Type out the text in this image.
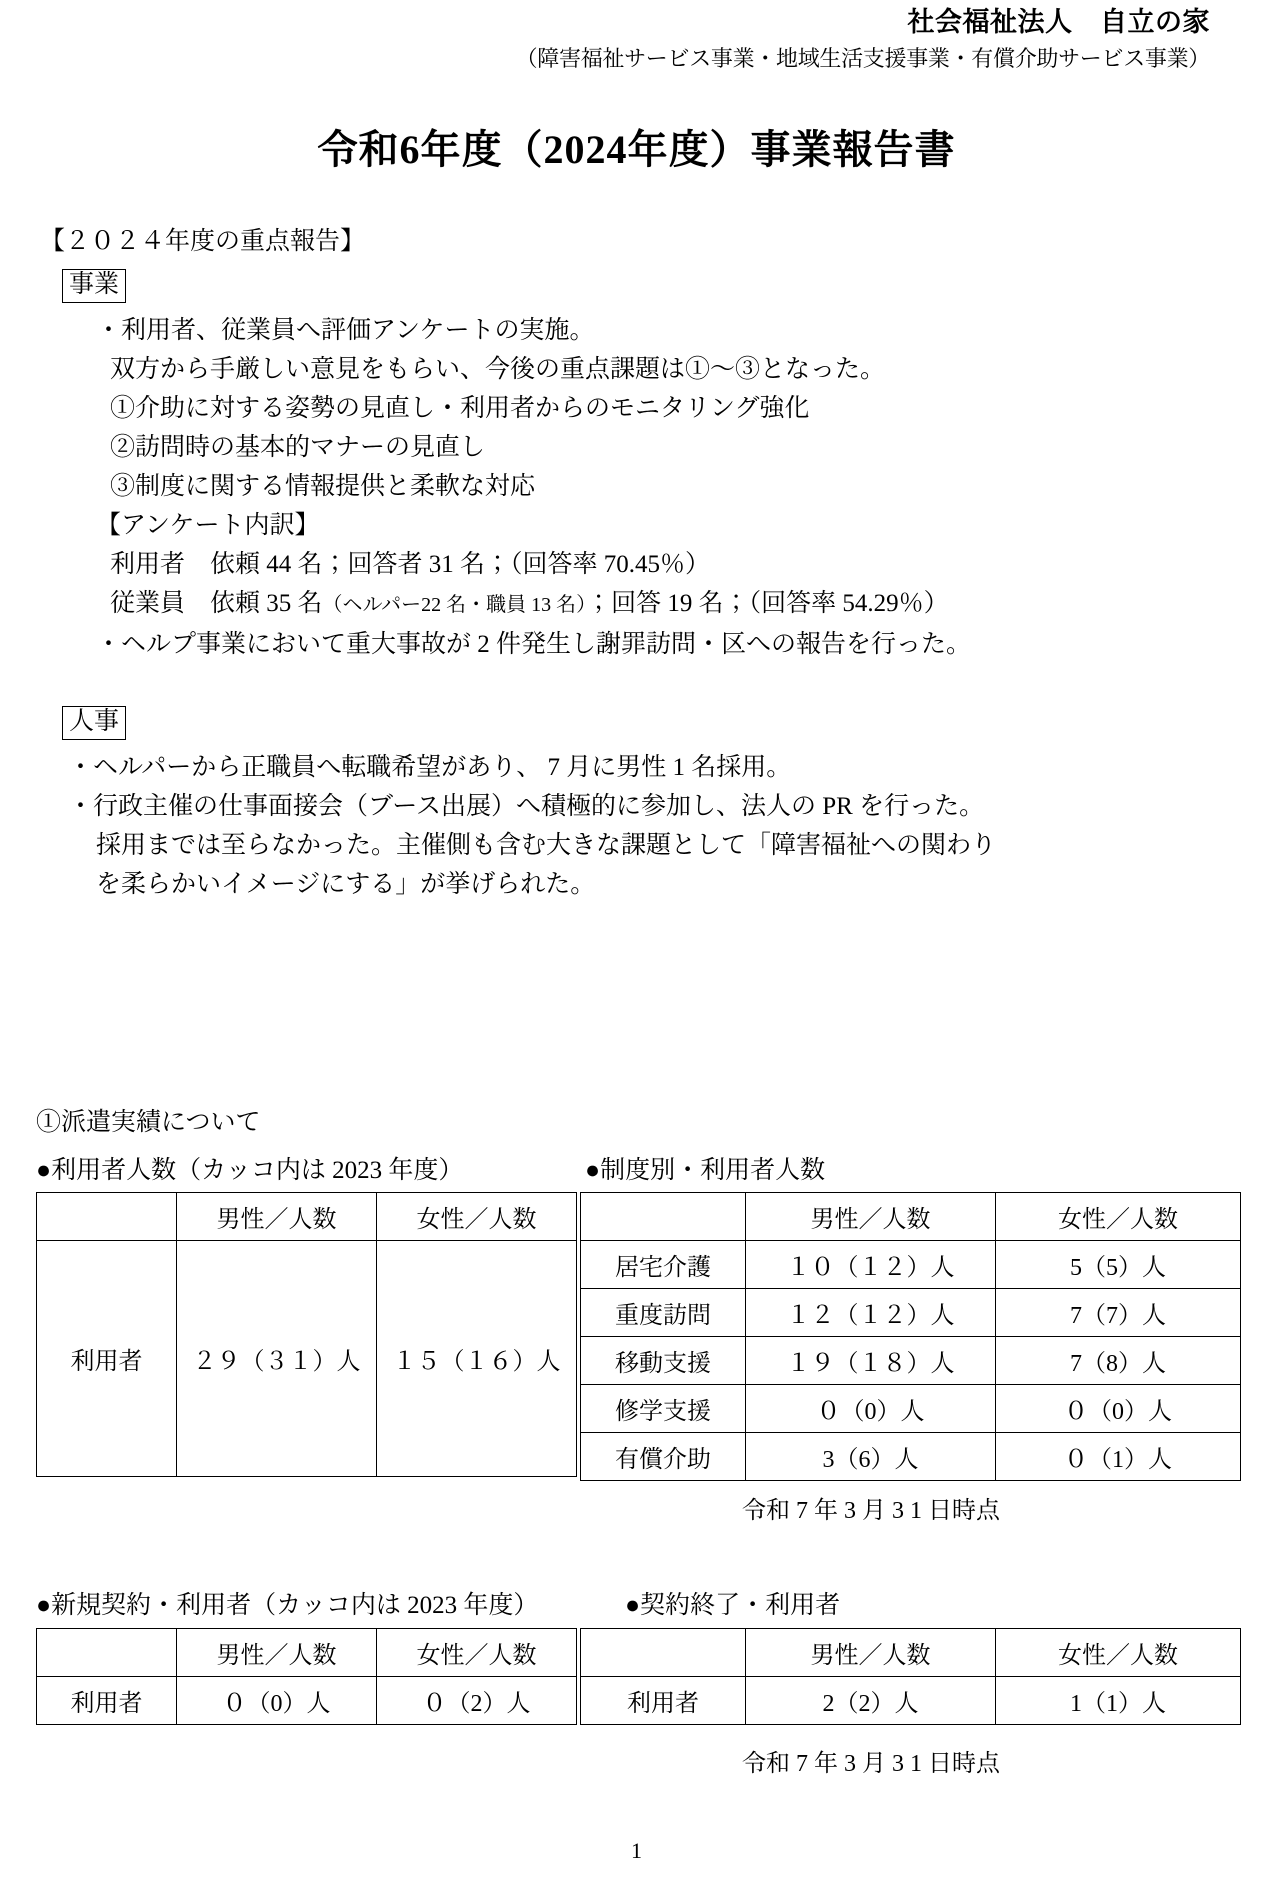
社会福祉法人　自立の家
（障害福祉サービス事業・地域生活支援事業・有償介助サービス事業）
令和6年度（2024年度）事業報告書
【２０２４年度の重点報告】
事業
・利用者、従業員へ評価アンケートの実施。
双方から手厳しい意見をもらい、今後の重点課題は①～③となった。
①介助に対する姿勢の見直し・利用者からのモニタリング強化
②訪問時の基本的マナーの見直し
③制度に関する情報提供と柔軟な対応
【アンケート内訳】
利用者　依頼 44 名；回答者 31 名；（回答率 70.45％）
従業員　依頼 35 名（ヘルパー22 名・職員 13 名）；回答 19 名；（回答率 54.29％）
・ヘルプ事業において重大事故が 2 件発生し謝罪訪問・区への報告を行った。
人事
・ヘルパーから正職員へ転職希望があり、 7 月に男性 1 名採用。
・行政主催の仕事面接会（ブース出展）へ積極的に参加し、法人の PR を行った。
採用までは至らなかった。主催側も含む大きな課題として「障害福祉への関わり
を柔らかいイメージにする」が挙げられた。
①派遣実績について
●利用者人数（カッコ内は 2023 年度）	●制度別・利用者人数
	男性／人数	女性／人数
利用者	２９（３１）人	１５（１６）人
	男性／人数	女性／人数
居宅介護	１０（１２）人	5（5）人
重度訪問	１２（１２）人	7（7）人
移動支援	１９（１８）人	7（8）人
修学支援	０（0）人	０（0）人
有償介助	3（6）人	０（1）人
令和 7 年 3 月 3 1 日時点
●新規契約・利用者（カッコ内は 2023 年度）	●契約終了・利用者
	男性／人数	女性／人数
利用者	０（0）人	０（2）人
	男性／人数	女性／人数
利用者	2（2）人	1（1）人
令和 7 年 3 月 3 1 日時点
1
